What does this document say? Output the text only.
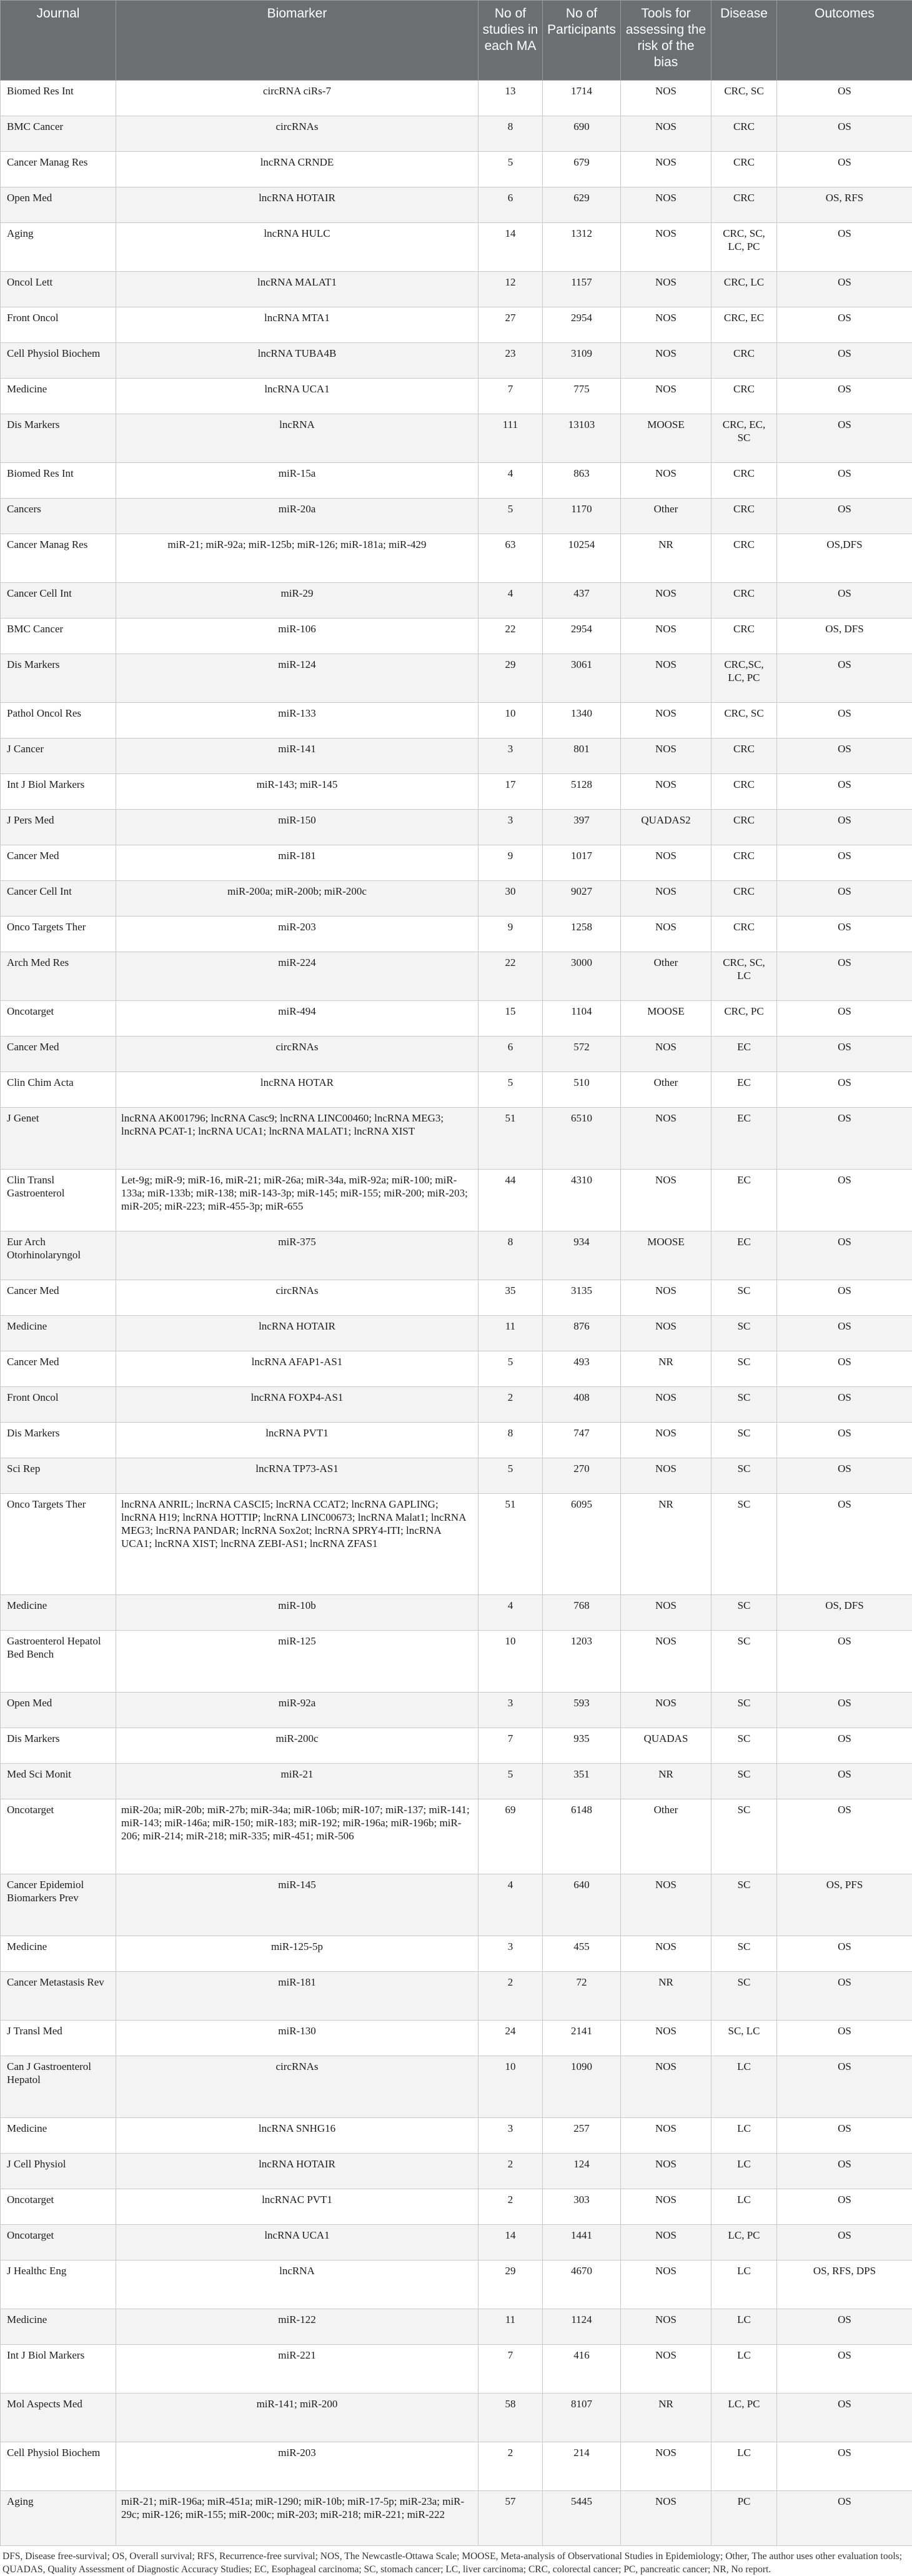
Journal	Biomarker	No of studies in each MA	No of Participants	Tools for assessing the risk of the bias	Disease	Outcomes
Biomed Res Int	circRNA ciRs-7	13	1714	NOS	CRC, SC	OS
BMC Cancer	circRNAs	8	690	NOS	CRC	OS
Cancer Manag Res	lncRNA CRNDE	5	679	NOS	CRC	OS
Open Med	lncRNA HOTAIR	6	629	NOS	CRC	OS, RFS
Aging	lncRNA HULC	14	1312	NOS	CRC, SC, LC, PC	OS
Oncol Lett	lncRNA MALAT1	12	1157	NOS	CRC, LC	OS
Front Oncol	lncRNA MTA1	27	2954	NOS	CRC, EC	OS
Cell Physiol Biochem	lncRNA TUBA4B	23	3109	NOS	CRC	OS
Medicine	lncRNA UCA1	7	775	NOS	CRC	OS
Dis Markers	lncRNA	111	13103	MOOSE	CRC, EC, SC	OS
Biomed Res Int	miR-15a	4	863	NOS	CRC	OS
Cancers	miR-20a	5	1170	Other	CRC	OS
Cancer Manag Res	miR-21; miR-92a; miR-125b; miR-126; miR-181a; miR-429	63	10254	NR	CRC	OS,DFS
Cancer Cell Int	miR-29	4	437	NOS	CRC	OS
BMC Cancer	miR-106	22	2954	NOS	CRC	OS, DFS
Dis Markers	miR-124	29	3061	NOS	CRC,SC, LC, PC	OS
Pathol Oncol Res	miR-133	10	1340	NOS	CRC, SC	OS
J Cancer	miR-141	3	801	NOS	CRC	OS
Int J Biol Markers	miR-143; miR-145	17	5128	NOS	CRC	OS
J Pers Med	miR-150	3	397	QUADAS2	CRC	OS
Cancer Med	miR-181	9	1017	NOS	CRC	OS
Cancer Cell Int	miR-200a; miR-200b; miR-200c	30	9027	NOS	CRC	OS
Onco Targets Ther	miR-203	9	1258	NOS	CRC	OS
Arch Med Res	miR-224	22	3000	Other	CRC, SC, LC	OS
Oncotarget	miR-494	15	1104	MOOSE	CRC, PC	OS
Cancer Med	circRNAs	6	572	NOS	EC	OS
Clin Chim Acta	lncRNA HOTAR	5	510	Other	EC	OS
J Genet	lncRNA AK001796; lncRNA Casc9; lncRNA LINC00460; lncRNA MEG3; lncRNA PCAT-1; lncRNA UCA1; lncRNA MALAT1; lncRNA XIST	51	6510	NOS	EC	OS
Clin Transl Gastroenterol	Let-9g; miR-9; miR-16, miR-21; miR-26a; miR-34a, miR-92a; miR-100; miR-133a; miR-133b; miR-138; miR-143-3p; miR-145; miR-155; miR-200; miR-203; miR-205; miR-223; miR-455-3p; miR-655	44	4310	NOS	EC	OS
Eur Arch Otorhinolaryngol	miR-375	8	934	MOOSE	EC	OS
Cancer Med	circRNAs	35	3135	NOS	SC	OS
Medicine	lncRNA HOTAIR	11	876	NOS	SC	OS
Cancer Med	lncRNA AFAP1-AS1	5	493	NR	SC	OS
Front Oncol	lncRNA FOXP4-AS1	2	408	NOS	SC	OS
Dis Markers	lncRNA PVT1	8	747	NOS	SC	OS
Sci Rep	lncRNA TP73-AS1	5	270	NOS	SC	OS
Onco Targets Ther	lncRNA ANRIL; lncRNA CASCI5; lncRNA CCAT2; lncRNA GAPLING; lncRNA H19; lncRNA HOTTIP; lncRNA LINC00673; lncRNA Malat1; lncRNA MEG3; lncRNA PANDAR; lncRNA Sox2ot; lncRNA SPRY4-ITI; lncRNA UCA1; lncRNA XIST; lncRNA ZEBI-AS1; lncRNA ZFAS1	51	6095	NR	SC	OS
Medicine	miR-10b	4	768	NOS	SC	OS, DFS
Gastroenterol Hepatol Bed Bench	miR-125	10	1203	NOS	SC	OS
Open Med	miR-92a	3	593	NOS	SC	OS
Dis Markers	miR-200c	7	935	QUADAS	SC	OS
Med Sci Monit	miR-21	5	351	NR	SC	OS
Oncotarget	miR-20a; miR-20b; miR-27b; miR-34a; miR-106b; miR-107; miR-137; miR-141; miR-143; miR-146a; miR-150; miR-183; miR-192; miR-196a; miR-196b; miR-206; miR-214; miR-218; miR-335; miR-451; miR-506	69	6148	Other	SC	OS
Cancer Epidemiol Biomarkers Prev	miR-145	4	640	NOS	SC	OS, PFS
Medicine	miR-125-5p	3	455	NOS	SC	OS
Cancer Metastasis Rev	miR-181	2	72	NR	SC	OS
J Transl Med	miR-130	24	2141	NOS	SC, LC	OS
Can J Gastroenterol Hepatol	circRNAs	10	1090	NOS	LC	OS
Medicine	lncRNA SNHG16	3	257	NOS	LC	OS
J Cell Physiol	lncRNA HOTAIR	2	124	NOS	LC	OS
Oncotarget	lncRNAC PVT1	2	303	NOS	LC	OS
Oncotarget	lncRNA UCA1	14	1441	NOS	LC, PC	OS
J Healthc Eng	lncRNA	29	4670	NOS	LC	OS, RFS, DPS
Medicine	miR-122	11	1124	NOS	LC	OS
Int J Biol Markers	miR-221	7	416	NOS	LC	OS
Mol Aspects Med	miR-141; miR-200	58	8107	NR	LC, PC	OS
Cell Physiol Biochem	miR-203	2	214	NOS	LC	OS
Aging	miR-21; miR-196a; miR-451a; miR-1290; miR-10b; miR-17-5p; miR-23a; miR-29c; miR-126; miR-155; miR-200c; miR-203; miR-218; miR-221; miR-222	57	5445	NOS	PC	OS
DFS, Disease free-survival; OS, Overall survival; RFS, Recurrence-free survival; NOS, The Newcastle-Ottawa Scale; MOOSE, Meta-analysis of Observational Studies in Epidemiology; Other, The author uses other evaluation tools; QUADAS, Quality Assessment of Diagnostic Accuracy Studies; EC, Esophageal carcinoma; SC, stomach cancer; LC, liver carcinoma; CRC, colorectal cancer; PC, pancreatic cancer; NR, No report.
